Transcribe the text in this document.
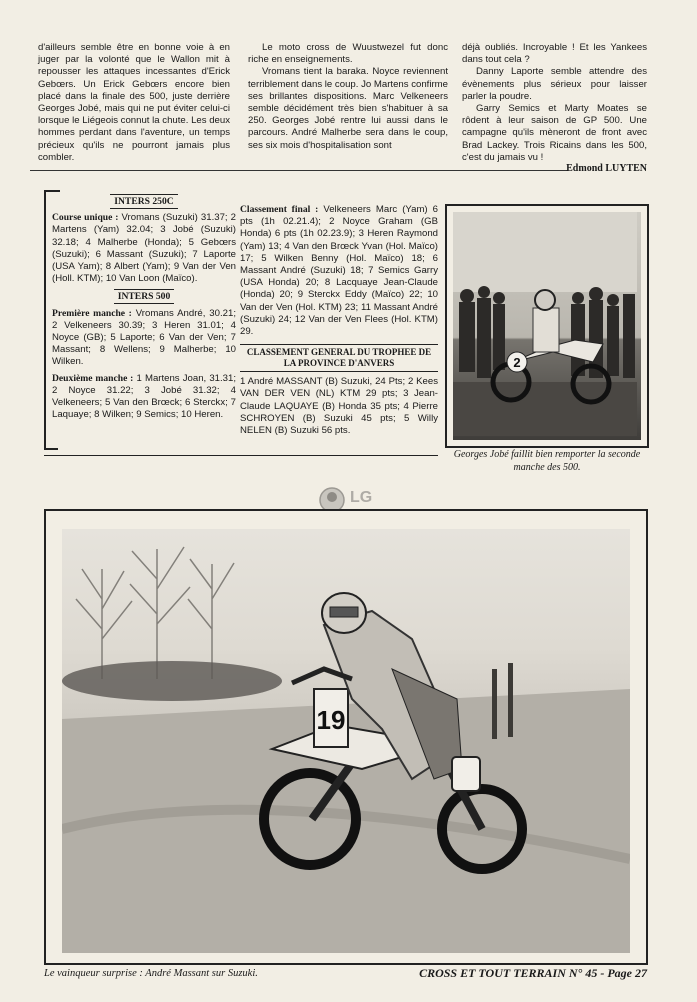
d'ailleurs semble être en bonne voie à en juger par la volonté que le Wallon mit à repousser les attaques incessantes d'Erick Gebœrs. Un Erick Gebœrs encore bien placé dans la finale des 500, juste derrière Georges Jobé, mais qui ne put éviter celui-ci lorsque le Liégeois connut la chute. Les deux hommes perdant dans l'aventure, un temps précieux qu'ils ne pourront jamais plus combler.

Le moto cross de Wuustwezel fut donc riche en enseignements.

Vromans tient la baraka. Noyce reviennent terriblement dans le coup. Jo Martens confirme ses brillantes dispositions. Marc Velkeneers semble décidément très bien s'habituer à sa 250. Georges Jobé rentre lui aussi dans le parcours. André Malherbe sera dans le coup, ses six mois d'hospitalisation sont

déjà oubliés. Incroyable ! Et les Yankees dans tout cela ?

Danny Laporte semble attendre des évènements plus sérieux pour laisser parler la poudre.

Garry Semics et Marty Moates se rôdent à leur saison de GP 500. Une campagne qu'ils mèneront de front avec Brad Lackey. Trois Ricains dans les 500, c'est du jamais vu !

Edmond LUYTEN
INTERS 250C

Course unique : Vromans (Suzuki) 31.37; 2 Martens (Yam) 32.04; 3 Jobé (Suzuki) 32.18; 4 Malherbe (Honda); 5 Gebœrs (Suzuki); 6 Massant (Suzuki); 7 Laporte (USA Yam); 8 Albert (Yam); 9 Van der Ven (Holl. KTM); 10 Van Loon (Maïco).

INTERS 500

Première manche : Vromans André, 30.21; 2 Velkeneers 30.39; 3 Heren 31.01; 4 Noyce (GB); 5 Laporte; 6 Van der Ven; 7 Massant; 8 Wellens; 9 Malherbe; 10 Wilken.

Deuxième manche : 1 Martens Joan, 31.31; 2 Noyce 31.22; 3 Jobé 31.32; 4 Velkeneers; 5 Van den Brœck; 6 Sterckx; 7 Laquaye; 8 Wilken; 9 Semics; 10 Heren.

Classement final : Velkeneers Marc (Yam) 6 pts (1h 02.21.4); 2 Noyce Graham (GB Honda) 6 pts (1h 02.23.9); 3 Heren Raymond (Yam) 13; 4 Van den Brœck Yvan (Hol. Maïco) 17; 5 Wilken Benny (Hol. Maïco) 18; 6 Massant André (Suzuki) 18; 7 Semics Garry (USA Honda) 20; 8 Lacquaye Jean-Claude (Honda) 20; 9 Sterckx Eddy (Maïco) 22; 10 Van der Ven (Hol. KTM) 23; 11 Massant André (Suzuki) 24; 12 Van der Ven Flees (Hol. KTM) 29.

CLASSEMENT GENERAL DU TROPHEE DE LA PROVINCE D'ANVERS

1 André MASSANT (B) Suzuki, 24 Pts; 2 Kees VAN DER VEN (NL) KTM 29 pts; 3 Jean-Claude LAQUAYE (B) Honda 35 pts; 4 Pierre SCHROYEN (B) Suzuki 45 pts; 5 Willy NELEN (B) Suzuki 56 pts.

2
Georges Jobé faillit bien remporter la seconde manche des 500.
LG
19
Le vainqueur surprise : André Massant sur Suzuki.	CROSS ET TOUT TERRAIN N° 45 - Page 27
